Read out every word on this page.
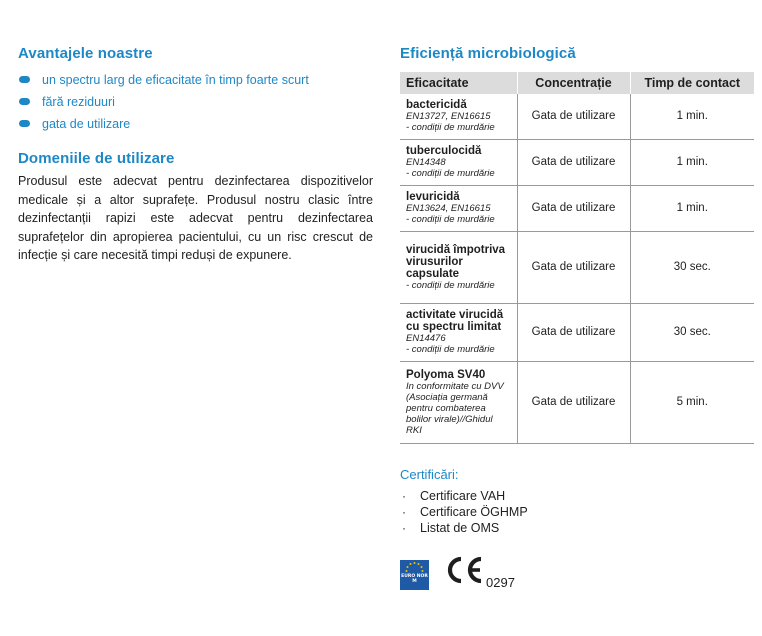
Avantajele noastre
un spectru larg de eficacitate în timp foarte scurt
fără reziduuri
gata de utilizare
Domeniile de utilizare

Produsul este adecvat pentru dezinfectarea dispozitivelor medicale și a altor suprafețe. Produsul nostru clasic între dezinfectanții rapizi este adecvat pentru dezinfectarea suprafețelor din apropierea pacientului, cu un risc crescut de infecție și care necesită timpi reduși de expunere.

Eficiență microbiologică
Eficacitate	Concentrație	Timp de contact

bactericidă
EN13727, EN16615
- condiții de murdărie	Gata de utilizare	1 min.

tuberculocidă
EN14348
- condiții de murdărie	Gata de utilizare	1 min.

levuricidă
EN13624, EN16615
- condiții de murdărie	Gata de utilizare	1 min.

virucidă împotriva virusurilor capsulate
- condiții de murdărie	Gata de utilizare	30 sec.

activitate virucidă cu spectru limitat
EN14476
- condiții de murdărie	Gata de utilizare	30 sec.

Polyoma SV40
In conformitate cu DVV (Asociația germană pentru combaterea bolilor virale)//Ghidul RKI	Gata de utilizare	5 min.
Certificări:
· Certificare VAH
· Certificare ÖGHMP
· Listat de OMS
EURO NORM	0297
